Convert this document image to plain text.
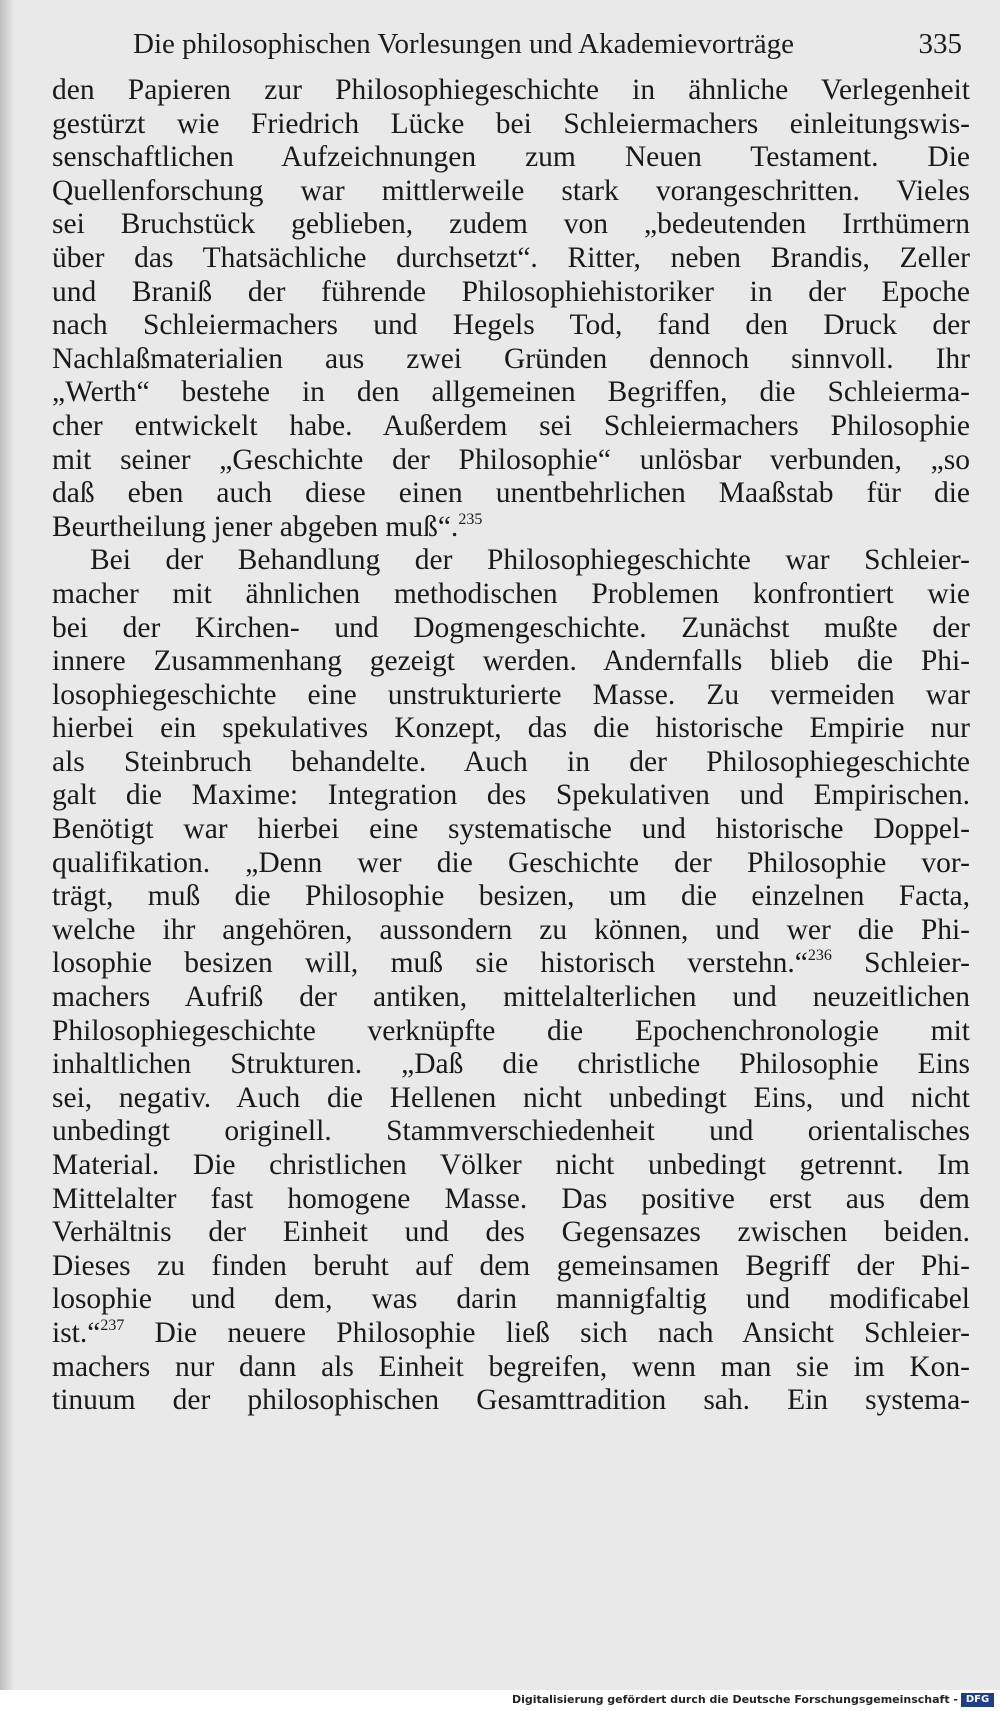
Die philosophischen Vorlesungen und Akademievorträge	335
den Papieren zur Philosophiegeschichte in ähnliche Verlegenheit
gestürzt wie Friedrich Lücke bei Schleiermachers einleitungswis-
senschaftlichen Aufzeichnungen zum Neuen Testament. Die
Quellenforschung war mittlerweile stark vorangeschritten. Vieles
sei Bruchstück geblieben, zudem von „bedeutenden Irrthümern
über das Thatsächliche durchsetzt“. Ritter, neben Brandis, Zeller
und Braniß der führende Philosophiehistoriker in der Epoche
nach Schleiermachers und Hegels Tod, fand den Druck der
Nachlaßmaterialien aus zwei Gründen dennoch sinnvoll. Ihr
„Werth“ bestehe in den allgemeinen Begriffen, die Schleierma-
cher entwickelt habe. Außerdem sei Schleiermachers Philosophie
mit seiner „Geschichte der Philosophie“ unlösbar verbunden, „so
daß eben auch diese einen unentbehrlichen Maaßstab für die
Beurtheilung jener abgeben muß“.$^{235}$
Bei der Behandlung der Philosophiegeschichte war Schleier-
macher mit ähnlichen methodischen Problemen konfrontiert wie
bei der Kirchen- und Dogmengeschichte. Zunächst mußte der
innere Zusammenhang gezeigt werden. Andernfalls blieb die Phi-
losophiegeschichte eine unstrukturierte Masse. Zu vermeiden war
hierbei ein spekulatives Konzept, das die historische Empirie nur
als Steinbruch behandelte. Auch in der Philosophiegeschichte
galt die Maxime: Integration des Spekulativen und Empirischen.
Benötigt war hierbei eine systematische und historische Doppel-
qualifikation. „Denn wer die Geschichte der Philosophie vor-
trägt, muß die Philosophie besizen, um die einzelnen Facta,
welche ihr angehören, aussondern zu können, und wer die Phi-
losophie besizen will, muß sie historisch verstehn.“$^{236}$ Schleier-
machers Aufriß der antiken, mittelalterlichen und neuzeitlichen
Philosophiegeschichte verknüpfte die Epochenchronologie mit
inhaltlichen Strukturen. „Daß die christliche Philosophie Eins
sei, negativ. Auch die Hellenen nicht unbedingt Eins, und nicht
unbedingt originell. Stammverschiedenheit und orientalisches
Material. Die christlichen Völker nicht unbedingt getrennt. Im
Mittelalter fast homogene Masse. Das positive erst aus dem
Verhältnis der Einheit und des Gegensazes zwischen beiden.
Dieses zu finden beruht auf dem gemeinsamen Begriff der Phi-
losophie und dem, was darin mannigfaltig und modificabel
ist.“$^{237}$ Die neuere Philosophie ließ sich nach Ansicht Schleier-
machers nur dann als Einheit begreifen, wenn man sie im Kon-
tinuum der philosophischen Gesamttradition sah. Ein systema-
Digitalisierung gefördert durch die Deutsche Forschungsgemeinschaft - DFG
